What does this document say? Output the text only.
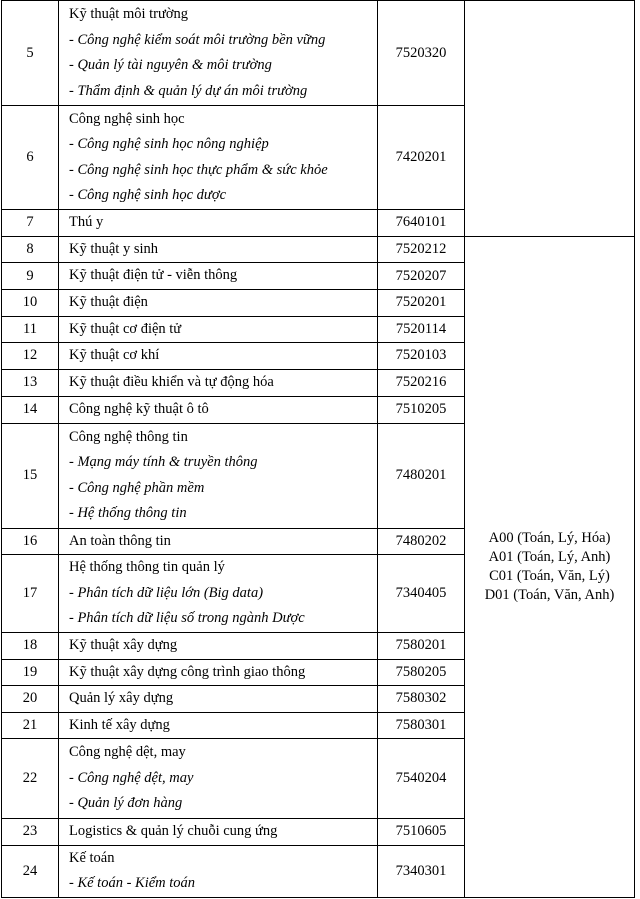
5	Kỹ thuật môi trường
- Công nghệ kiểm soát môi trường bền vững
- Quản lý tài nguyên & môi trường
- Thẩm định & quản lý dự án môi trường	7520320	
6	Công nghệ sinh học
- Công nghệ sinh học nông nghiệp
- Công nghệ sinh học thực phẩm & sức khỏe
- Công nghệ sinh học dược	7420201	
7	Thú y	7640101	
8	Kỹ thuật y sinh	7520212	A00 (Toán, Lý, Hóa)
A01 (Toán, Lý, Anh)
C01 (Toán, Văn, Lý)
D01 (Toán, Văn, Anh)

9	Kỹ thuật điện tử - viễn thông	7520207	
10	Kỹ thuật điện	7520201	
11	Kỹ thuật cơ điện tử	7520114	
12	Kỹ thuật cơ khí	7520103	
13	Kỹ thuật điều khiển và tự động hóa	7520216	
14	Công nghệ kỹ thuật ô tô	7510205	
15	Công nghệ thông tin
- Mạng máy tính & truyền thông
- Công nghệ phần mềm
- Hệ thống thông tin	7480201	
16	An toàn thông tin	7480202	
17	Hệ thống thông tin quản lý
- Phân tích dữ liệu lớn (Big data)
- Phân tích dữ liệu số trong ngành Dược	7340405	
18	Kỹ thuật xây dựng	7580201	
19	Kỹ thuật xây dựng công trình giao thông	7580205	
20	Quản lý xây dựng	7580302	
21	Kinh tế xây dựng	7580301	
22	Công nghệ dệt, may
- Công nghệ dệt, may
- Quản lý đơn hàng	7540204	
23	Logistics & quản lý chuỗi cung ứng	7510605	
24	Kế toán
- Kế toán - Kiểm toán	7340301	
